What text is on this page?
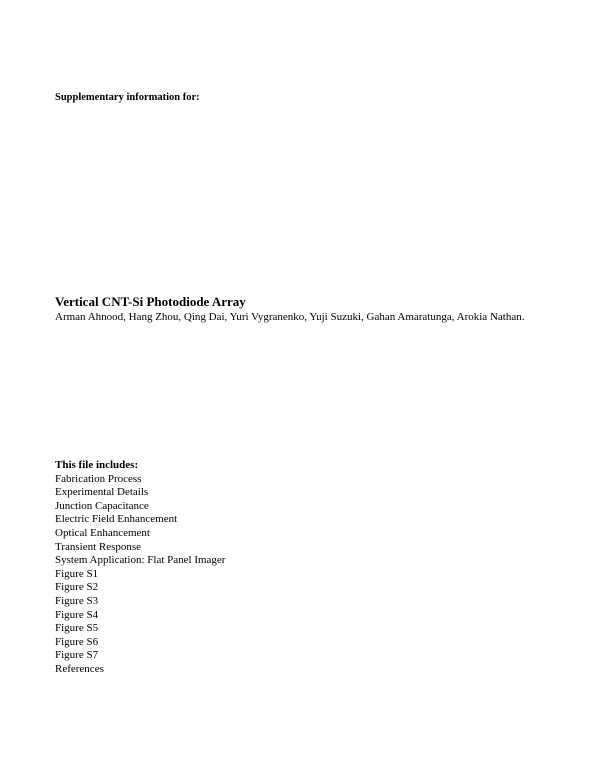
Supplementary information for:
Vertical CNT-Si Photodiode Array
Arman Ahnood, Hang Zhou, Qing Dai, Yuri Vygranenko, Yuji Suzuki, Gahan Amaratunga, Arokia Nathan.
This file includes:
Fabrication Process
Experimental Details
Junction Capacitance
Electric Field Enhancement
Optical Enhancement
Transient Response
System Application: Flat Panel Imager
Figure S1
Figure S2
Figure S3
Figure S4
Figure S5
Figure S6
Figure S7
References
